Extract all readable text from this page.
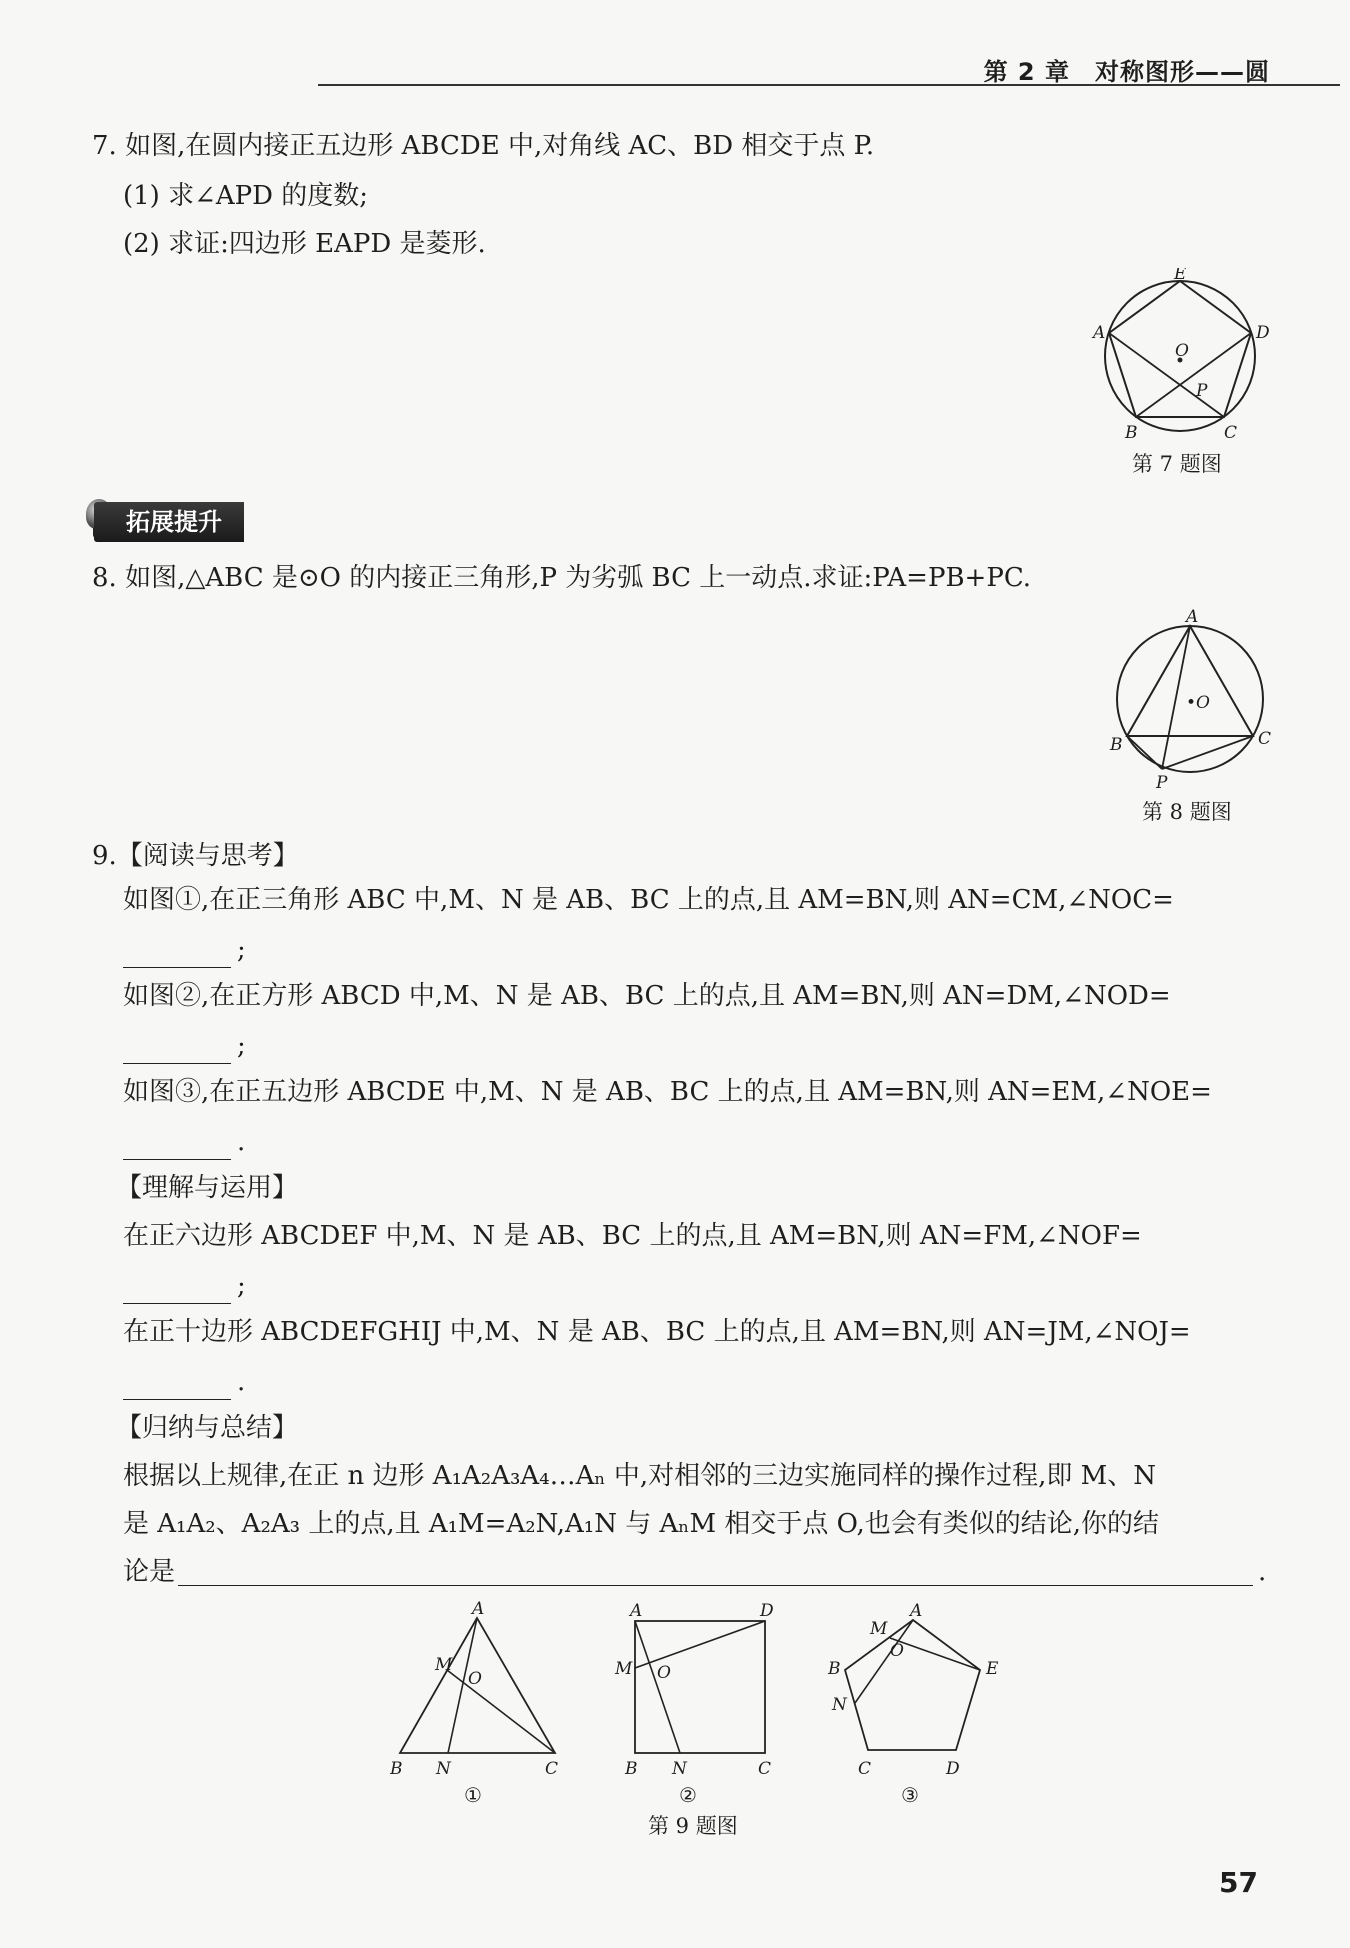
第 2 章　对称图形——圆
7. 如图,在圆内接正五边形 ABCDE 中,对角线 AC、BD 相交于点 P.
(1) 求∠APD 的度数;
(2) 求证:四边形 EAPD 是菱形.
E
A	D
O
P
B	C
第 7 题图
拓展提升
8. 如图,△ABC 是⊙O 的内接正三角形,P 为劣弧 BC 上一动点.求证:PA=PB+PC.
A
•O
B	C
P
第 8 题图
9.【阅读与思考】
如图①,在正三角形 ABC 中,M、N 是 AB、BC 上的点,且 AM=BN,则 AN=CM,∠NOC=
;
如图②,在正方形 ABCD 中,M、N 是 AB、BC 上的点,且 AM=BN,则 AN=DM,∠NOD=
;
如图③,在正五边形 ABCDE 中,M、N 是 AB、BC 上的点,且 AM=BN,则 AN=EM,∠NOE=
.
【理解与运用】
在正六边形 ABCDEF 中,M、N 是 AB、BC 上的点,且 AM=BN,则 AN=FM,∠NOF=
;
在正十边形 ABCDEFGHIJ 中,M、N 是 AB、BC 上的点,且 AM=BN,则 AN=JM,∠NOJ=
.
【归纳与总结】
根据以上规律,在正 n 边形 A₁A₂A₃A₄…Aₙ 中,对相邻的三边实施同样的操作过程,即 M、N
是 A₁A₂、A₂A₃ 上的点,且 A₁M=A₂N,A₁N 与 AₙM 相交于点 O,也会有类似的结论,你的结
论是	.
A
M
O
B N	C
①
A	D
M O
B N	C
②
M
A
O
B	E
N
C	D
③
第 9 题图
57
